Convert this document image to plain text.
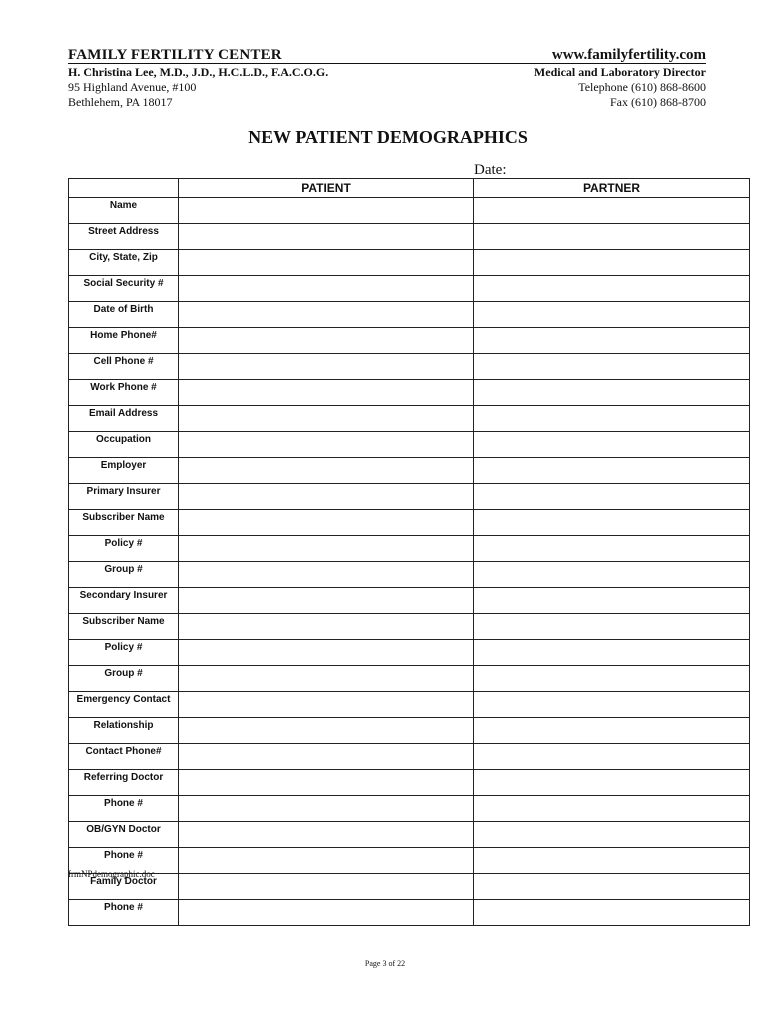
FAMILY FERTILITY CENTER	www.familyfertility.com
H. Christina Lee, M.D., J.D., H.C.L.D., F.A.C.O.G.
95 Highland Avenue, #100
Bethlehem, PA 18017
Medical and Laboratory Director
Telephone (610) 868-8600
Fax (610) 868-8700
NEW PATIENT DEMOGRAPHICS
Date:
	PATIENT	PARTNER
Name		
Street Address		
City, State, Zip		
Social Security #		
Date of Birth		
Home Phone#		
Cell Phone #		
Work Phone #		
Email Address		
Occupation		
Employer		
Primary Insurer		
Subscriber Name		
Policy #		
Group #		
Secondary Insurer		
Subscriber Name		
Policy #		
Group #		
Emergency Contact		
Relationship		
Contact Phone#		
Referring Doctor		
Phone #		
OB/GYN Doctor		
Phone #		
Family Doctor		
Phone #		
frmNPdemographic.doc
Page 3 of 22
